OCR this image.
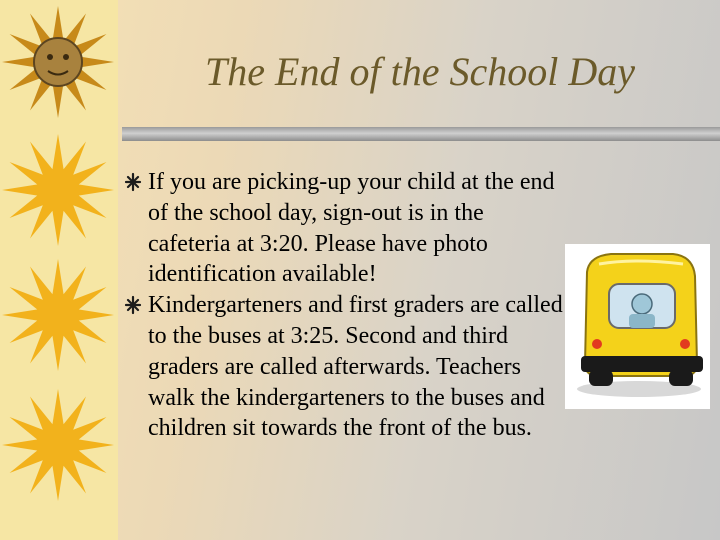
The End of the School Day
If you are picking-up your child at the end of the school day, sign-out is in the cafeteria at 3:20. Please have photo identification available!
Kindergarteners and first graders are called to the buses at 3:25. Second and third graders are called afterwards. Teachers walk the kindergarteners to the buses and children sit towards the front of the bus.
